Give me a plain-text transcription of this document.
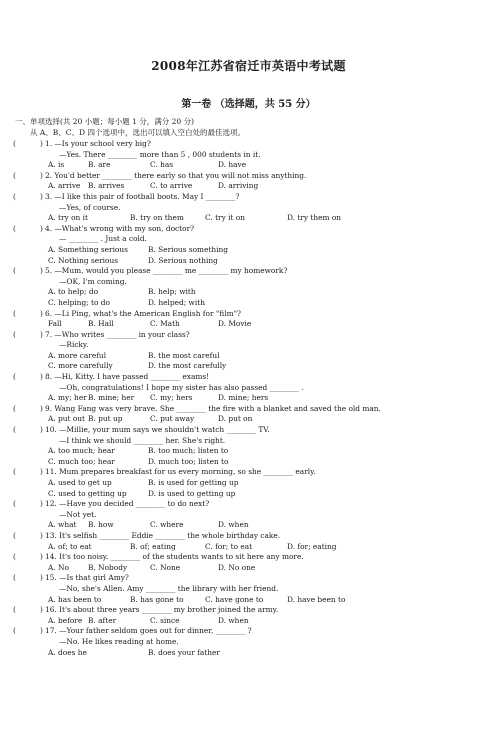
2008年江苏省宿迁市英语中考试题
第一卷 （选择题，共 55 分）
一、单项选择(共 20 小题；每小题 1 分，满分 20 分)
从 A、B、C、D 四个选项中，选出可以填入空白处的最佳选项。
(	) 1. —Is your school very big?
—Yes. There ________ more than 5 , 000 students in it.
A. is	B. are	C. has	D. have
(	) 2. You'd better ________ there early so that you will not miss anything.
A. arrive B. arrives	C. to arrive	D. arriving
(	) 3. —I like this pair of football boots. May I ________?
—Yes, of course.
A. try on it	B. try on them	C. try it on	D. try them on
(	) 4. —What's wrong with my son, doctor?
— ________ . Just a cold.
A. Something serious	B. Serious something
C. Nothing serious	D. Serious nothing
(	) 5. —Mum, would you please ________ me ________ my homework?
—OK, I'm coming.
A. to help; do	B. help; with
C. helping; to do	D. helped; with
(	) 6. —Li Ping, what's the American English for "film"?
Fall	B. Hall	C. Math	D. Movie
(	) 7. —Who writes ________ in your class?
—Ricky.
A. more careful	B. the most careful
C. more carefully	D. the most carefully
(	) 8. —Hi, Kitty. I have passed ________ exams!
—Oh, congratulations! I hope my sister has also passed ________ .
A. my; her B. mine; her C. my; hers	D. mine; hers
(	) 9. Wang Fang was very brave. She ________ the fire with a blanket and saved the old man.
A. put out B. put up	C. put away	D. put on
(	) 10. —Millie, your mum says we shouldn't watch ________ TV.
—I think we should ________ her. She's right.
A. too much; hear	B. too much; listen to
C. much too; hear	D. much too; listen to
(	) 11. Mum prepares breakfast for us every morning, so she ________ early.
A. used to get up	B. is used for getting up
C. used to getting up	D. is used to getting up
(	) 12. —Have you decided ________ to do next?
—Not yet.
A. what B. how	C. where	D. when
(	) 13. It's selfish ________ Eddie ________ the whole birthday cake.
A. of; to eat	B. of; eating	C. for; to eat	D. for; eating
(	) 14. It's too noisy. ________ of the students wants to sit here any more.
A. No	B. Nobody	C. None	D. No one
(	) 15. —Is that girl Amy?
—No, she's Allen. Amy ________ the library with her friend.
A. has been to	B. has gone to	C. have gone to	D. have been to
(	) 16. It's about three years ________ my brother joined the army.
A. before B. after	C. since	D. when
(	) 17. —Your father seldom goes out for dinner, ________ ?
—No. He likes reading at home.
A. does he	B. does your father
